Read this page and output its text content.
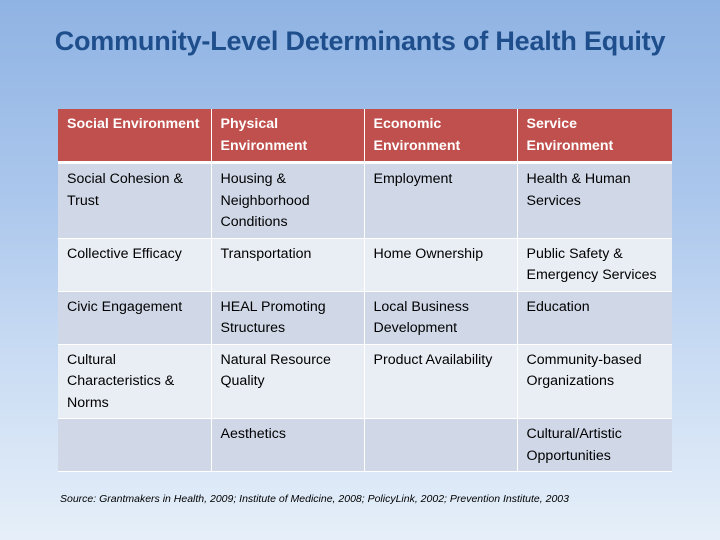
Community-Level Determinants of Health Equity
Social Environment	Physical Environment	Economic Environment	Service Environment
Social Cohesion & Trust	Housing & Neighborhood Conditions	Employment	Health & Human Services
Collective Efficacy	Transportation	Home Ownership	Public Safety & Emergency Services
Civic Engagement	HEAL Promoting Structures	Local Business Development	Education
Cultural Characteristics & Norms	Natural Resource Quality	Product Availability	Community-based Organizations
	Aesthetics		Cultural/Artistic Opportunities
Source: Grantmakers in Health, 2009; Institute of Medicine, 2008; PolicyLink, 2002; Prevention Institute, 2003
